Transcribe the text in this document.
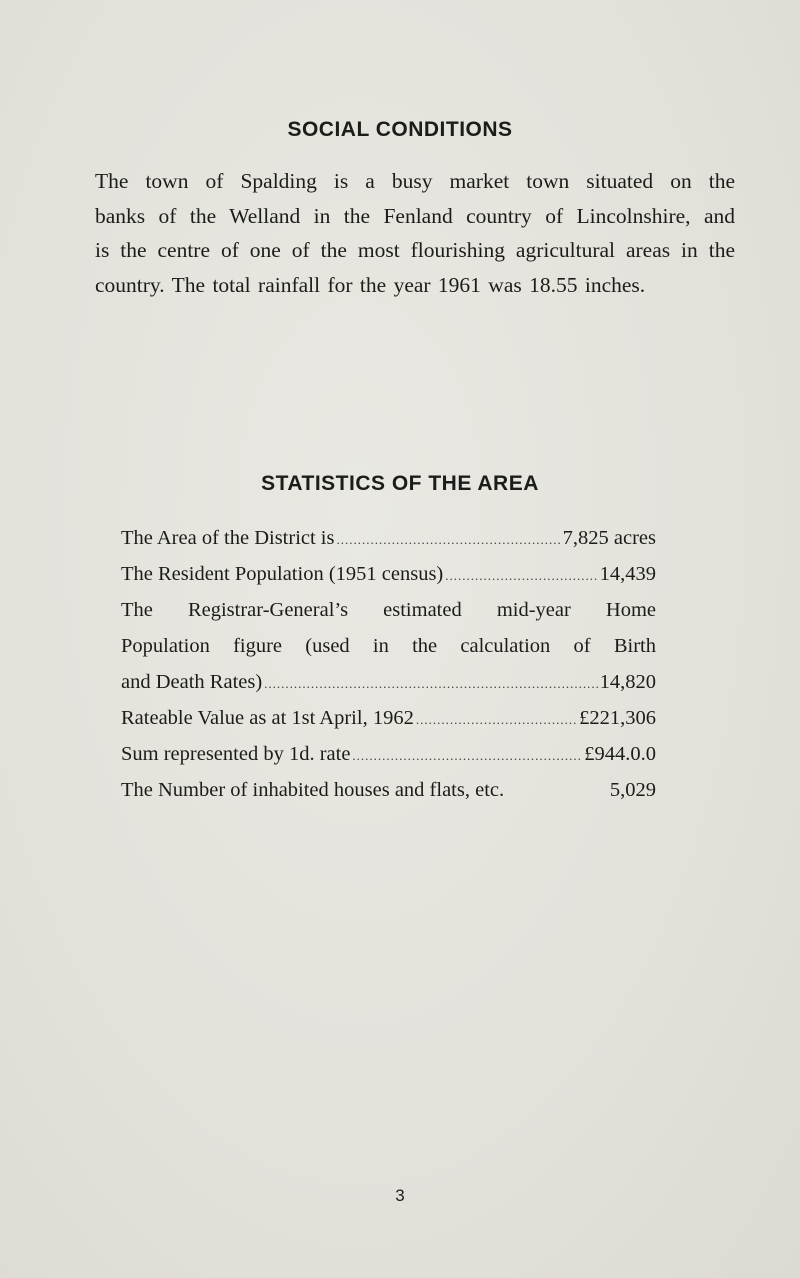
SOCIAL CONDITIONS
The town of Spalding is a busy market town situated on the
banks of the Welland in the Fenland country of Lincolnshire, and
is the centre of one of the most flourishing agricultural areas in the
country. The total rainfall for the year 1961 was 18.55 inches.
STATISTICS OF THE AREA
The Area of the District is .....	7,825 acres
The Resident Population (1951 census) .....	14,439
The Registrar-General’s estimated mid-year Home
Population figure (used in the calculation of Birth
and Death Rates) .....	14,820
Rateable Value as at 1st April, 1962 .....	£221,306
Sum represented by 1d. rate .....	£944.0.0
The Number of inhabited houses and flats, etc.	5,029
3
